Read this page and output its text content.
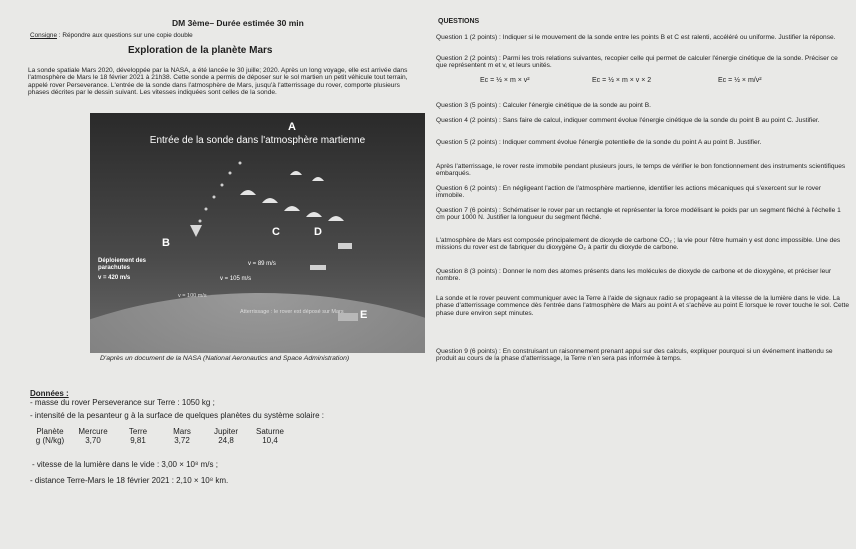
DM 3ème– Durée estimée 30 min	QUESTIONS
Consigne : Répondre aux questions sur une copie double
Exploration de la planète Mars
La sonde spatiale Mars 2020, développée par la NASA, a été lancée le 30 juille; 2020. Après un long voyage, elle est arrivée dans l'atmosphère de Mars le 18 février 2021 à 21h38. Cette sonde a permis de déposer sur le sol martien un petit véhicule tout terrain, appelé rover Perseverance. L'entrée de la sonde dans l'atmosphère de Mars, jusqu'à l'atterrissage du rover, comporte plusieurs phases décrites par le dessin suivant. Les vitesses indiquées sont celles de la sonde.
Entrée de la sonde dans l'atmosphère martienne
A
B
C	D
E
Déploiement des parachutes
v = 420 m/s	v = 105 m/s
v = 89 m/s
v = 100 m/s
Atterrissage : le rover est déposé sur Mars
D'après un document de la NASA (National Aeronautics and Space Administration)
Données :
- masse du rover Perseverance sur Terre : 1050 kg ;
- intensité de la pesanteur g à la surface de quelques planètes du système solaire :
Planète	Mercure	Terre	Mars	Jupiter	Saturne
g (N/kg)	3,70	9,81	3,72	24,8	10,4
- vitesse de la lumière dans le vide : 3,00 × 10⁸ m/s ;
- distance Terre-Mars le 18 février 2021 : 2,10 × 10⁸ km.
Question 1 (2 points) : Indiquer si le mouvement de la sonde entre les points B et C est ralenti, accéléré ou uniforme. Justifier la réponse.
Question 2 (2 points) : Parmi les trois relations suivantes, recopier celle qui permet de calculer l'énergie cinétique de la sonde. Préciser ce que représentent m et v, et leurs unités.
Ec = ½ × m × v²	Ec = ½ × m × v × 2	Ec = ½ × m/v²
Question 3 (5 points) : Calculer l'énergie cinétique de la sonde au point B.
Question 4 (2 points) : Sans faire de calcul, indiquer comment évolue l'énergie cinétique de la sonde du point B au point C. Justifier.
Question 5 (2 points) : Indiquer comment évolue l'énergie potentielle de la sonde du point A au point B. Justifier.
Après l'atterrissage, le rover reste immobile pendant plusieurs jours, le temps de vérifier le bon fonctionnement des instruments scientifiques embarqués.
Question 6 (2 points) : En négligeant l'action de l'atmosphère martienne, identifier les actions mécaniques qui s'exercent sur le rover immobile.
Question 7 (6 points) : Schématiser le rover par un rectangle et représenter la force modélisant le poids par un segment fléché à l'échelle 1 cm pour 1000 N. Justifier la longueur du segment fléché.
L'atmosphère de Mars est composée principalement de dioxyde de carbone CO₂ ; la vie pour l'être humain y est donc impossible. Une des missions du rover est de fabriquer du dioxygène O₂ à partir du dioxyde de carbone.
Question 8 (3 points) : Donner le nom des atomes présents dans les molécules de dioxyde de carbone et de dioxygène, et préciser leur nombre.
La sonde et le rover peuvent communiquer avec la Terre à l'aide de signaux radio se propageant à la vitesse de la lumière dans le vide. La phase d'atterrissage commence dès l'entrée dans l'atmosphère de Mars au point A et s'achève au point E lorsque le rover touche le sol. Cette phase dure environ sept minutes.
Question 9 (6 points) : En construisant un raisonnement prenant appui sur des calculs, expliquer pourquoi si un événement inattendu se produit au cours de la phase d'atterrissage, la Terre n'en sera pas informée à temps.
